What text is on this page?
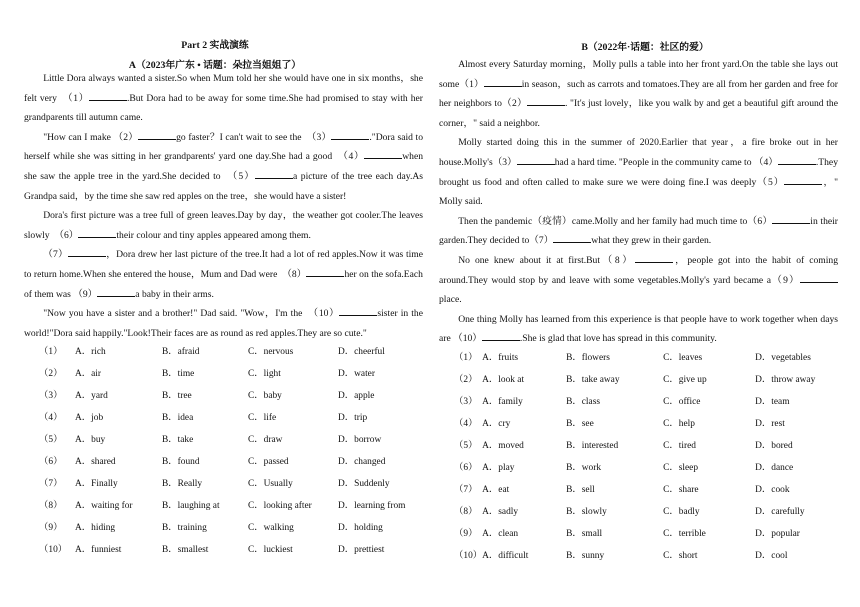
Part 2 实战演练
A（2023年广东 • 话题：朵拉当姐姐了）
B（2022年·话题：社区的爱）

Little Dora always wanted a sister.So when Mum told her she would have one in six months，she felt very　（1）	.But Dora had to be away for some time.She had promised to stay with her grandparents till autumn came.

"How can I make （2）	go faster？I can't wait to see the　（3）	."Dora said to herself while she was sitting in her grandparents' yard one day.She had a good　（4）	when she saw the apple tree in the yard.She decided to　（5）	a picture of the tree each day.As Grandpa said，by the time she saw red apples on the tree，she would have a sister!

Dora's first picture was a tree full of green leaves.Day by day，the weather got cooler.The leaves slowly　（6）	their colour and tiny apples appeared among them.

（7）	，Dora drew her last picture of the tree.It had a lot of red apples.Now it was time to return home.When she entered the house，Mum and Dad were　（8）	her on the sofa.Each of them was （9）	a baby in their arms.

"Now you have a sister and a brother!" Dad said. "Wow，I'm the　（10）	sister in the world!"Dora said happily."Look!Their faces are as round as red apples.They are so cute."

（1）	A．rich	B．afraid	C．nervous	D．cheerful
（2）	A．air	B．time	C．light	D．water
（3）	A．yard	B．tree	C．baby	D．apple
（4）	A．job	B．idea	C．life	D．trip
（5）	A．buy	B．take	C．draw	D．borrow
（6）	A．shared	B．found	C．passed	D．changed
（7）	A．Finally	B．Really	C．Usually	D．Suddenly
（8）	A．waiting for	B．laughing at	C．looking after	D．learning from
（9）	A．hiding	B．training	C．walking	D．holding
（10）	A．funniest	B．smallest	C．luckiest	D．prettiest

Almost every Saturday morning，Molly pulls a table into her front yard.On the table she lays out some（1）	in season，such as carrots and tomatoes.They are all from her garden and free for her neighbors to（2）	. "It's just lovely，like you walk by and get a beautiful gift around the corner，" said a neighbor.

Molly started doing this in the summer of 2020.Earlier that year，a fire broke out in her house.Molly's（3）	had a hard time. "People in the community came to （4）	.They brought us food and often called to make sure we were doing fine.I was deeply（5）	，" Molly said.

Then the pandemic（疫情）came.Molly and her family had much time to（6）	in their garden.They decided to（7）	what they grew in their garden.

No one knew about it at first.But（8）	，people got into the habit of coming around.They would stop by and leave with some vegetables.Molly's yard became a（9）place.

One thing Molly has learned from this experience is that people have to work together when days are （10）	.She is glad that love has spread in this community.

（1）	A．fruits	B．flowers	C．leaves	D．vegetables
（2）	A．look at	B．take away	C．give up	D．throw away
（3）	A．family	B．class	C．office	D．team
（4）	A．cry	B．see	C．help	D．rest
（5）	A．moved	B．interested	C．tired	D．bored
（6）	A．play	B．work	C．sleep	D．dance
（7）	A．eat	B．sell	C．share	D．cook
（8）	A．sadly	B．slowly	C．badly	D．carefully
（9）	A．clean	B．small	C．terrible	D．popular
（10）	A．difficult	B．sunny	C．short	D．cool
